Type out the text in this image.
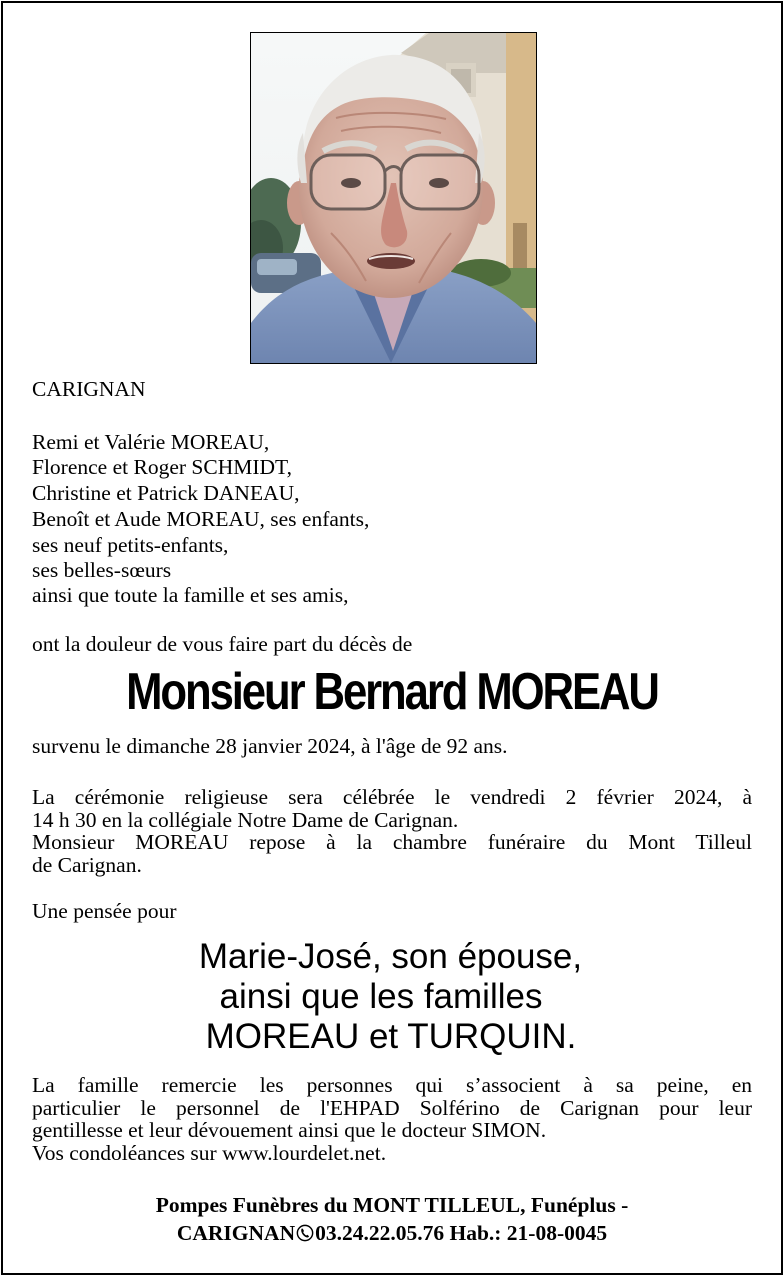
CARIGNAN
Remi et Valérie MOREAU,
Florence et Roger SCHMIDT,
Christine et Patrick DANEAU,
Benoît et Aude MOREAU, ses enfants,
ses neuf petits-enfants,
ses belles-sœurs
ainsi que toute la famille et ses amis,
ont la douleur de vous faire part du décès de
Monsieur Bernard MOREAU
survenu le dimanche 28 janvier 2024, à l'âge de 92 ans.
La cérémonie religieuse sera célébrée le vendredi 2 février 2024, à
14 h 30 en la collégiale Notre Dame de Carignan.
Monsieur MOREAU repose à la chambre funéraire du Mont Tilleul
de Carignan.
Une pensée pour
Marie-José, son épouse,
ainsi que les familles
MOREAU et TURQUIN.
La famille remercie les personnes qui s’associent à sa peine, en
particulier le personnel de l'EHPAD Solférino de Carignan pour leur
gentillesse et leur dévouement ainsi que le docteur SIMON.
Vos condoléances sur www.lourdelet.net.
Pompes Funèbres du MONT TILLEUL, Funéplus -
CARIGNAN 03.24.22.05.76 Hab.: 21-08-0045
